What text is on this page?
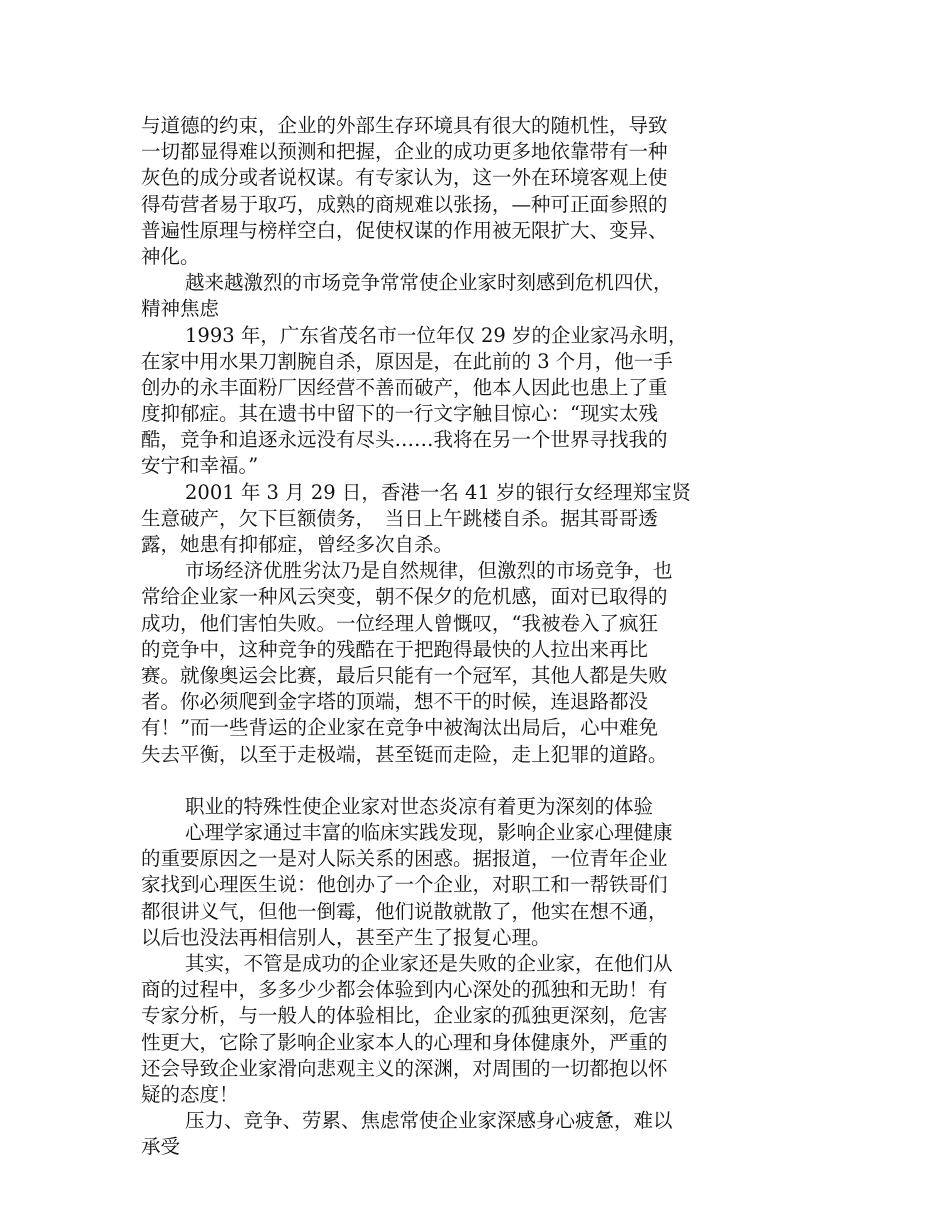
与道德的约束，企业的外部生存环境具有很大的随机性，导致
一切都显得难以预测和把握，企业的成功更多地依靠带有一种
灰色的成分或者说权谋。有专家认为，这一外在环境客观上使
得苟营者易于取巧，成熟的商规难以张扬，—种可正面参照的
普遍性原理与榜样空白，促使权谋的作用被无限扩大、变异、
神化。
越来越激烈的市场竞争常常使企业家时刻感到危机四伏，
精神焦虑
1993 年，广东省茂名市一位年仅 29 岁的企业家冯永明，
在家中用水果刀割腕自杀，原因是，在此前的 3 个月，他一手
创办的永丰面粉厂因经营不善而破产，他本人因此也患上了重
度抑郁症。其在遗书中留下的一行文字触目惊心：“现实太残
酷，竞争和追逐永远没有尽头……我将在另一个世界寻找我的
安宁和幸福。”
2001 年 3 月 29 日，香港一名 41 岁的银行女经理郑宝贤
生意破产，欠下巨额债务，　当日上午跳楼自杀。据其哥哥透
露，她患有抑郁症，曾经多次自杀。
市场经济优胜劣汰乃是自然规律，但激烈的市场竞争，也
常给企业家一种风云突变，朝不保夕的危机感，面对已取得的
成功，他们害怕失败。一位经理人曾慨叹，“我被卷入了疯狂
的竞争中，这种竞争的残酷在于把跑得最快的人拉出来再比
赛。就像奥运会比赛，最后只能有一个冠军，其他人都是失败
者。你必须爬到金字塔的顶端，想不干的时候，连退路都没
有！”而一些背运的企业家在竞争中被淘汰出局后，心中难免
失去平衡，以至于走极端，甚至铤而走险，走上犯罪的道路。
职业的特殊性使企业家对世态炎凉有着更为深刻的体验
心理学家通过丰富的临床实践发现，影响企业家心理健康
的重要原因之一是对人际关系的困惑。据报道，一位青年企业
家找到心理医生说：他创办了一个企业，对职工和一帮铁哥们
都很讲义气，但他一倒霉，他们说散就散了，他实在想不通，
以后也没法再相信别人，甚至产生了报复心理。
其实，不管是成功的企业家还是失败的企业家，在他们从
商的过程中，多多少少都会体验到内心深处的孤独和无助！有
专家分析，与一般人的体验相比，企业家的孤独更深刻，危害
性更大，它除了影响企业家本人的心理和身体健康外，严重的
还会导致企业家滑向悲观主义的深渊，对周围的一切都抱以怀
疑的态度！
压力、竞争、劳累、焦虑常使企业家深感身心疲惫，难以
承受
